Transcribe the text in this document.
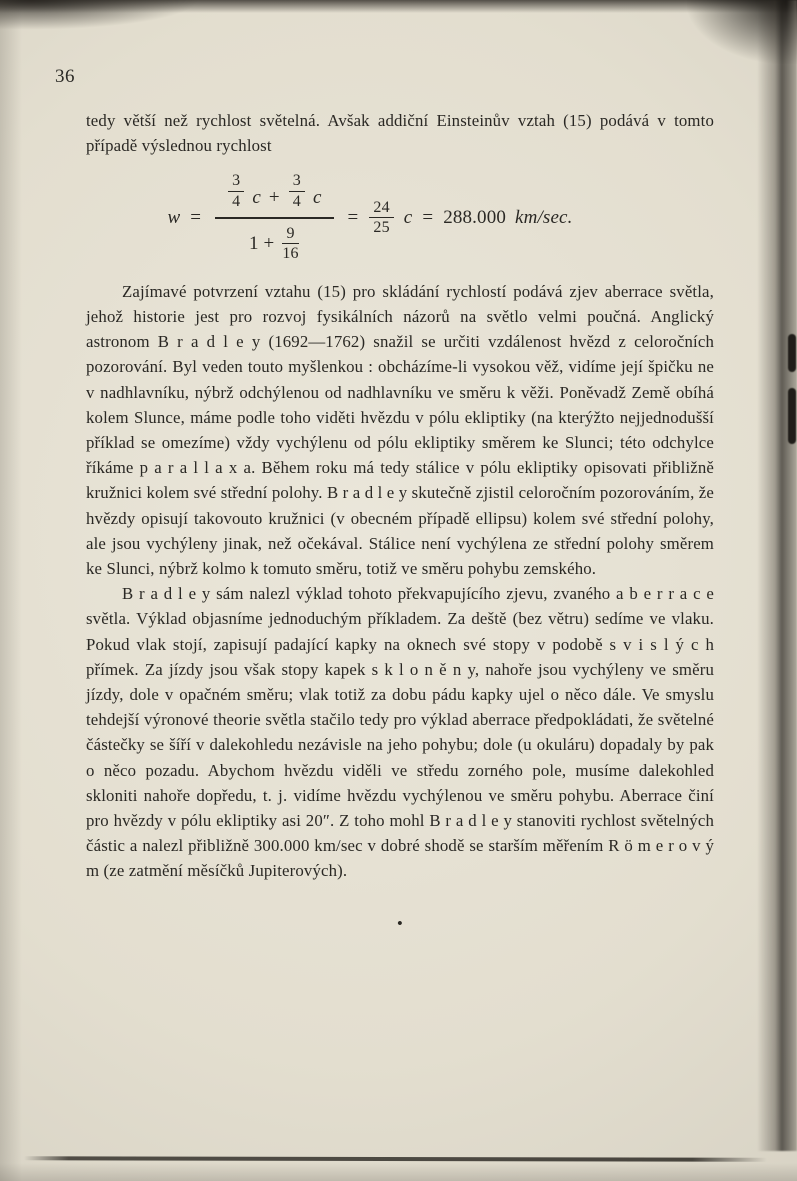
36

tedy větší než rychlost světelná. Avšak addiční Einsteinův vztah (15) podává v tomto případě výslednou rychlost

w =
$\frac{3}{4}$ $c + \frac{3}{4}$ c
$1 + \frac{9}{16}$
= $\frac{24}{25}$ c = 288.000 km/sec.

Zajímavé potvrzení vztahu (15) pro skládání rychlostí podává zjev aberrace světla, jehož historie jest pro rozvoj fysikálních názorů na světlo velmi poučná. Anglický astronom B r a d l e y (1692—1762) snažil se určiti vzdálenost hvězd z celoročních pozorování. Byl veden touto myšlenkou : obcházíme-li vysokou věž, vidíme její špičku ne v nadhlavníku, nýbrž odchýlenou od nadhlavníku ve směru k věži. Poněvadž Země obíhá kolem Slunce, máme podle toho viděti hvězdu v pólu ekliptiky (na kterýžto nejjednodušší příklad se omezíme) vždy vychýlenu od pólu ekliptiky směrem ke Slunci; této odchylce říkáme p a r a l l a x a. Během roku má tedy stálice v pólu ekliptiky opisovati přibližně kružnici kolem své střední polohy. B r a d l e y skutečně zjistil celoročním pozorováním, že hvězdy opisují takovouto kružnici (v obecném případě ellipsu) kolem své střední polohy, ale jsou vychýleny jinak, než očekával. Stálice není vychýlena ze střední polohy směrem ke Slunci, nýbrž kolmo k tomuto směru, totiž ve směru pohybu zemského.

B r a d l e y sám nalezl výklad tohoto překvapujícího zjevu, zvaného a b e r r a c e světla. Výklad objasníme jednoduchým příkladem. Za deště (bez větru) sedíme ve vlaku. Pokud vlak stojí, zapisují padající kapky na oknech své stopy v podobě s v i s l ý c h přímek. Za jízdy jsou však stopy kapek s k l o n ě n y, nahoře jsou vychýleny ve směru jízdy, dole v opačném směru; vlak totiž za dobu pádu kapky ujel o něco dále. Ve smyslu tehdejší výronové theorie světla stačilo tedy pro výklad aberrace předpokládati, že světelné částečky se šíří v dalekohledu nezávisle na jeho pohybu; dole (u okuláru) dopadaly by pak o něco pozadu. Abychom hvězdu viděli ve středu zorného pole, musíme dalekohled skloniti nahoře dopředu, t. j. vidíme hvězdu vychýlenou ve směru pohybu. Aberrace činí pro hvězdy v pólu ekliptiky asi 20″. Z toho mohl B r a d l e y stanoviti rychlost světelných částic a nalezl přibližně 300.000 km/sec v dobré shodě se starším měřením R ö m e r o v ý m (ze zatmění měsíčků Jupiterových).

•
